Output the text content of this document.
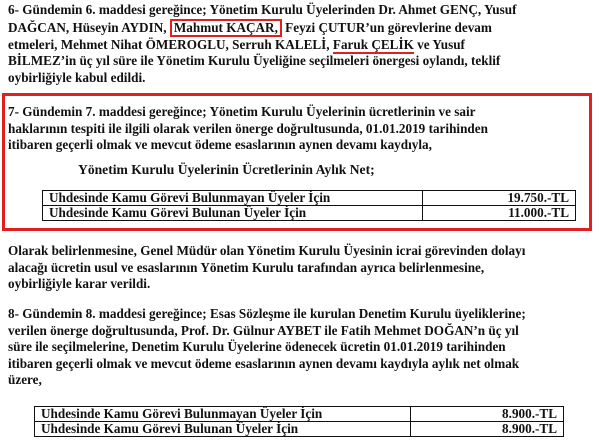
6- Gündemin 6. maddesi gereğince; Yönetim Kurulu Üyelerinden Dr. Ahmet GENÇ, Yusuf
DAĞCAN, Hüseyin AYDIN, Mahmut KAÇAR, Feyzi ÇUTUR’un görevlerine devam
etmeleri, Mehmet Nihat ÖMEROGLU, Serruh KALELİ, Faruk ÇELİK ve Yusuf
BİLMEZ’in üç yıl süre ile Yönetim Kurulu Üyeliğine seçilmeleri önergesi oylandı, teklif
oybirliğiyle kabul edildi.
7- Gündemin 7. maddesi gereğince; Yönetim Kurulu Üyelerinin ücretlerinin ve sair
haklarının tespiti ile ilgili olarak verilen önerge doğrultusunda, 01.01.2019 tarihinden
itibaren geçerli olmak ve mevcut ödeme esaslarının aynen devamı kaydıyla,
Yönetim Kurulu Üyelerinin Ücretlerinin Aylık Net;
Uhdesinde Kamu Görevi Bulunmayan Üyeler İçin	19.750.-TL
Uhdesinde Kamu Görevi Bulunan Üyeler İçin	11.000.-TL
Olarak belirlenmesine, Genel Müdür olan Yönetim Kurulu Üyesinin icrai görevinden dolayı
alacağı ücretin usul ve esaslarının Yönetim Kurulu tarafından ayrıca belirlenmesine,
oybirliğiyle karar verildi.
8- Gündemin 8. maddesi gereğince; Esas Sözleşme ile kurulan Denetim Kurulu üyeliklerine;
verilen önerge doğrultusunda, Prof. Dr. Gülnur AYBET ile Fatih Mehmet DOĞAN’n üç yıl
süre ile seçilmelerine, Denetim Kurulu Üyelerine ödenecek ücretin 01.01.2019 tarihinden
itibaren geçerli olmak ve mevcut ödeme esaslarının aynen devamı kaydıyla aylık net olmak
üzere,
Uhdesinde Kamu Görevi Bulunmayan Üyeler İçin	8.900.-TL
Uhdesinde Kamu Görevi Bulunan Üyeler İçin	8.900.-TL
